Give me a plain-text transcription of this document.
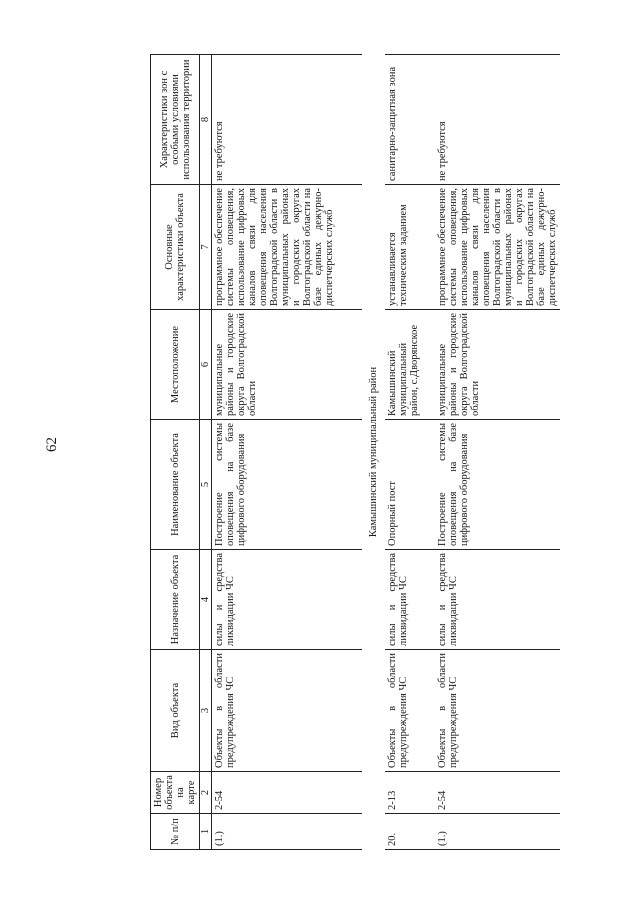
62
№ п/п	Номер объекта на карте	Вид объекта	Назначение объекта	Наименование объекта	Местоположение	Основные характеристики объекта	Характеристики зон с особыми условиями использования территории
1	2	3	4	5	6	7	8
(1.)	2-54	Объекты в области предупреждения ЧС	силы и средства ликвидации ЧС	Построение системы оповещения на базе цифрового оборудования	муниципальные районы и городские округа Волгоградской области	программное обеспечение системы оповещения, использование цифровых каналов связи для оповещения населения Волгоградской области в муниципальных районах и городских округах Волгоградской области на базе единых дежурно-диспетчерских служб	не требуются
Камышинский муниципальный район							
20.	2-13	Объекты в области предупреждения ЧС	силы и средства ликвидации ЧС	Опорный пост	Камышинский муниципальный район, с.Дворянское	устанавливается техническим заданием	санитарно-защитная зона
(1.)	2-54	Объекты в области предупреждения ЧС	силы и средства ликвидации ЧС	Построение системы оповещения на базе цифрового оборудования	муниципальные районы и городские округа Волгоградской области	программное обеспечение системы оповещения, использование цифровых каналов связи для оповещения населения Волгоградской области в муниципальных районах и городских округах Волгоградской области на базе единых дежурно-диспетчерских служб	не требуются
